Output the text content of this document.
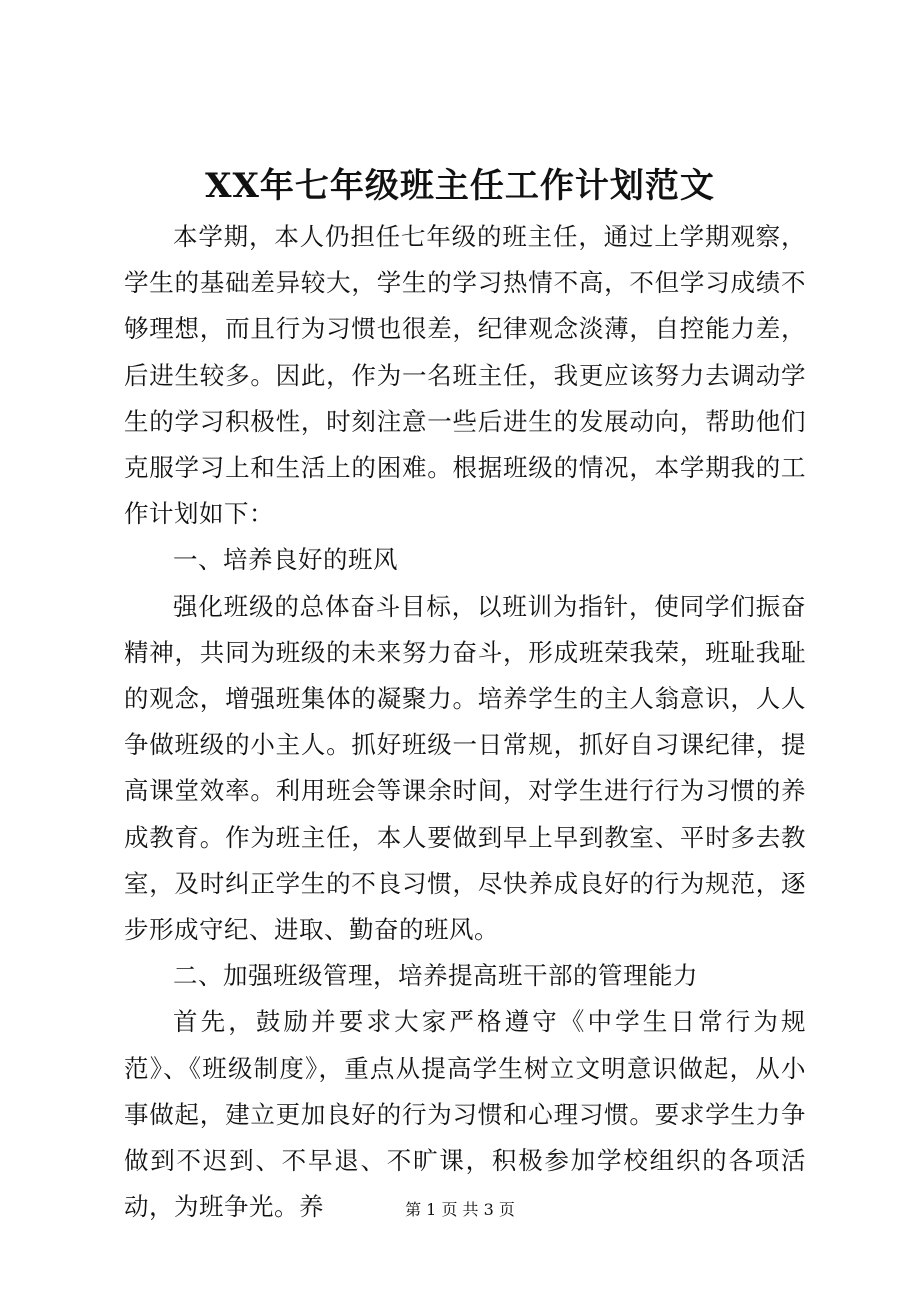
XX年七年级班主任工作计划范文

本学期，本人仍担任七年级的班主任，通过上学期观察，学生的基础差异较大，学生的学习热情不高，不但学习成绩不够理想，而且行为习惯也很差，纪律观念淡薄，自控能力差，后进生较多。因此，作为一名班主任，我更应该努力去调动学生的学习积极性，时刻注意一些后进生的发展动向，帮助他们克服学习上和生活上的困难。根据班级的情况，本学期我的工作计划如下：

一、培养良好的班风

强化班级的总体奋斗目标，以班训为指针，使同学们振奋精神，共同为班级的未来努力奋斗，形成班荣我荣，班耻我耻的观念，增强班集体的凝聚力。培养学生的主人翁意识，人人争做班级的小主人。抓好班级一日常规，抓好自习课纪律，提高课堂效率。利用班会等课余时间，对学生进行行为习惯的养成教育。作为班主任，本人要做到早上早到教室、平时多去教室，及时纠正学生的不良习惯，尽快养成良好的行为规范，逐步形成守纪、进取、勤奋的班风。

二、加强班级管理，培养提高班干部的管理能力

首先，鼓励并要求大家严格遵守《中学生日常行为规范》、《班级制度》，重点从提高学生树立文明意识做起，从小事做起，建立更加良好的行为习惯和心理习惯。要求学生力争做到不迟到、不早退、不旷课，积极参加学校组织的各项活动，为班争光。养	第 1 页 共 3 页
